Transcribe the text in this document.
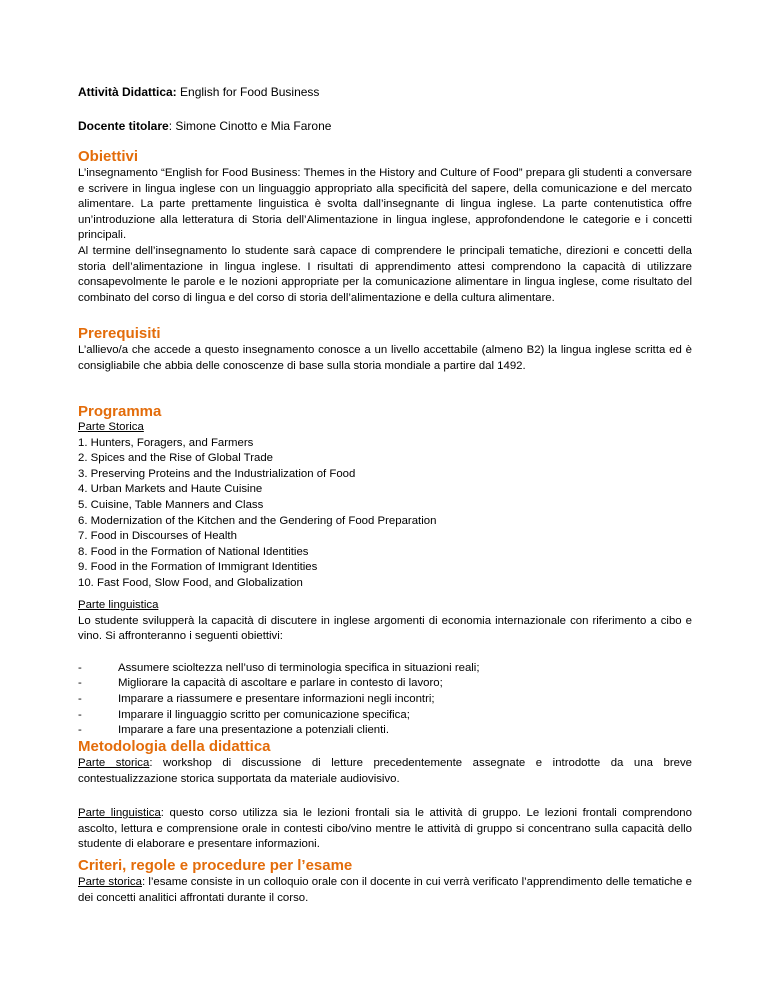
Attività Didattica: English for Food Business
Docente titolare: Simone Cinotto e Mia Farone
Obiettivi

L’insegnamento “English for Food Business: Themes in the History and Culture of Food” prepara gli studenti a conversare e scrivere in lingua inglese con un linguaggio appropriato alla specificità del sapere, della comunicazione e del mercato alimentare. La parte prettamente linguistica è svolta dall’insegnante di lingua inglese. La parte contenutistica offre un’introduzione alla letteratura di Storia dell’Alimentazione in lingua inglese, approfondendone le categorie e i concetti principali.

Al termine dell’insegnamento lo studente sarà capace di comprendere le principali tematiche, direzioni e concetti della storia dell’alimentazione in lingua inglese. I risultati di apprendimento attesi comprendono la capacità di utilizzare consapevolmente le parole e le nozioni appropriate per la comunicazione alimentare in lingua inglese, come risultato del combinato del corso di lingua e del corso di storia dell’alimentazione e della cultura alimentare.

Prerequisiti

L’allievo/a che accede a questo insegnamento conosce a un livello accettabile (almeno B2) la lingua inglese scritta ed è consigliabile che abbia delle conoscenze di base sulla storia mondiale a partire dal 1492.

Programma

Parte Storica

1. Hunters, Foragers, and Farmers
2. Spices and the Rise of Global Trade
3. Preserving Proteins and the Industrialization of Food
4. Urban Markets and Haute Cuisine
5. Cuisine, Table Manners and Class
6. Modernization of the Kitchen and the Gendering of Food Preparation
7. Food in Discourses of Health
8. Food in the Formation of National Identities
9. Food in the Formation of Immigrant Identities
10. Fast Food, Slow Food, and Globalization

Parte linguistica

Lo studente svilupperà la capacità di discutere in inglese argomenti di economia internazionale con riferimento a cibo e vino. Si affronteranno i seguenti obiettivi:

-	Assumere scioltezza nell’uso di terminologia specifica in situazioni reali;
-	Migliorare la capacità di ascoltare e parlare in contesto di lavoro;
-	Imparare a riassumere e presentare informazioni negli incontri;
-	Imparare il linguaggio scritto per comunicazione specifica;
-	Imparare a fare una presentazione a potenziali clienti.
Metodologia della didattica

Parte storica: workshop di discussione di letture precedentemente assegnate e introdotte da una breve contestualizzazione storica supportata da materiale audiovisivo.

Parte linguistica: questo corso utilizza sia le lezioni frontali sia le attività di gruppo. Le lezioni frontali comprendono ascolto, lettura e comprensione orale in contesti cibo/vino mentre le attività di gruppo si concentrano sulla capacità dello studente di elaborare e presentare informazioni.

Criteri, regole e procedure per l’esame

Parte storica: l’esame consiste in un colloquio orale con il docente in cui verrà verificato l’apprendimento delle tematiche e dei concetti analitici affrontati durante il corso.
